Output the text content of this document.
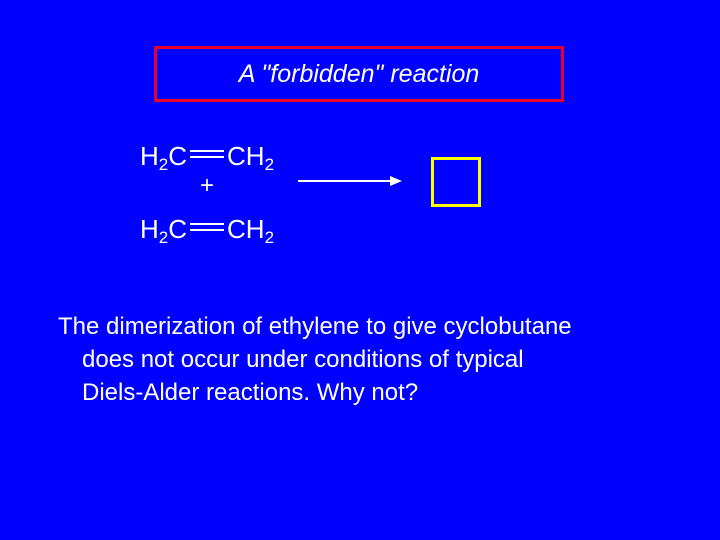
A "forbidden" reaction
$H_2C$ $CH_2$
+
$H_2C$ $CH_2$
The dimerization of ethylene to give cyclobutane
does not occur under conditions of typical
Diels-Alder reactions. Why not?
